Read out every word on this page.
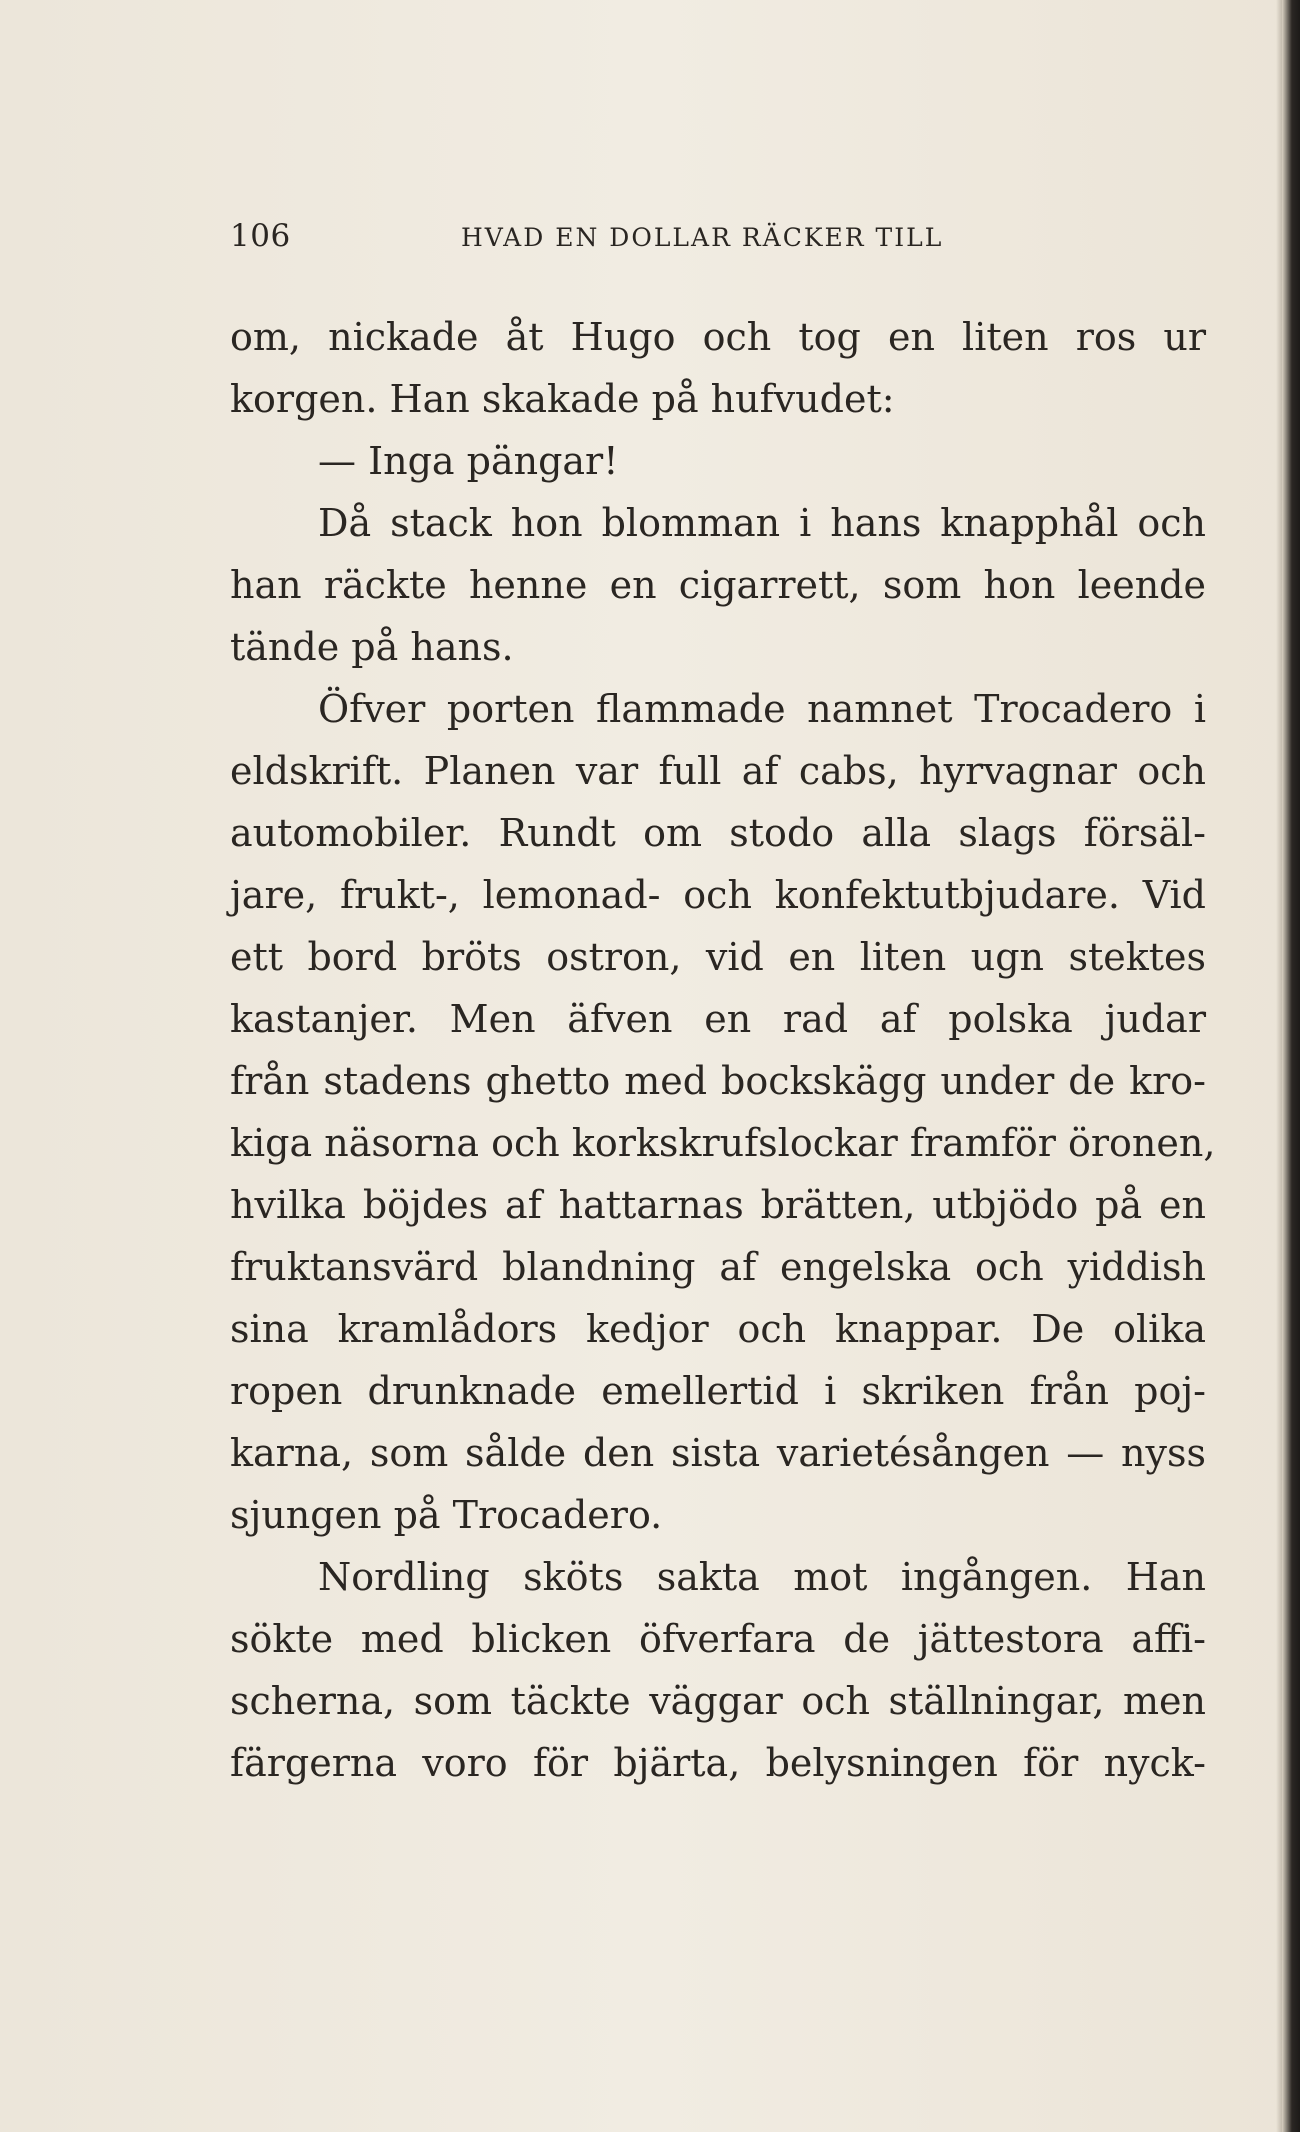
106	HVAD EN DOLLAR RÄCKER TILL
om, nickade åt Hugo och tog en liten ros ur
korgen. Han skakade på hufvudet:
— Inga pängar!
Då stack hon blomman i hans knapphål och
han räckte henne en cigarrett, som hon leende
tände på hans.
Öfver porten flammade namnet Trocadero i
eldskrift. Planen var full af cabs, hyrvagnar och
automobiler. Rundt om stodo alla slags försäl-
jare, frukt-, lemonad- och konfektutbjudare. Vid
ett bord bröts ostron, vid en liten ugn stektes
kastanjer. Men äfven en rad af polska judar
från stadens ghetto med bockskägg under de kro-
kiga näsorna och korkskrufslockar framför öronen,
hvilka böjdes af hattarnas brätten, utbjödo på en
fruktansvärd blandning af engelska och yiddish
sina kramlådors kedjor och knappar. De olika
ropen drunknade emellertid i skriken från poj-
karna, som sålde den sista varietésången — nyss
sjungen på Trocadero.
Nordling sköts sakta mot ingången. Han
sökte med blicken öfverfara de jättestora affi-
scherna, som täckte väggar och ställningar, men
färgerna voro för bjärta, belysningen för nyck-
